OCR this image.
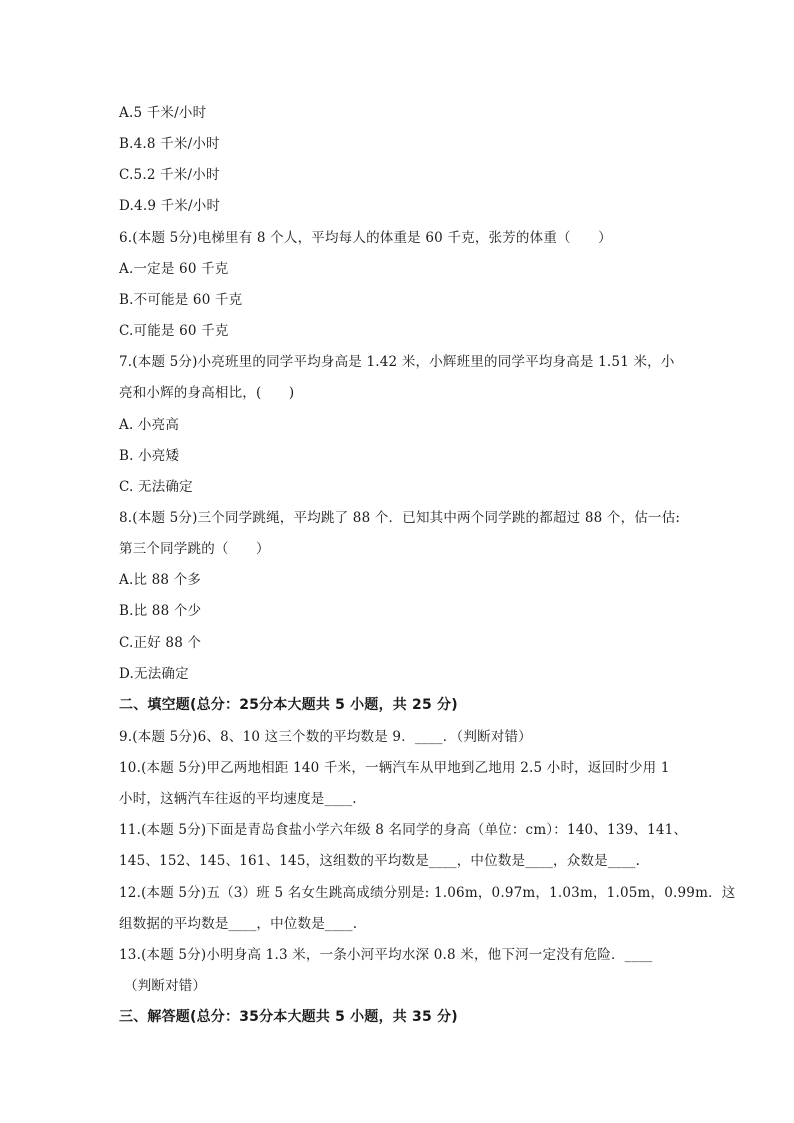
A.5 千米/小时
B.4.8 千米/小时
C.5.2 千米/小时
D.4.9 千米/小时
6.(本题 5分)电梯里有 8 个人，平均每人的体重是 60 千克，张芳的体重（　　）
A.一定是 60 千克
B.不可能是 60 千克
C.可能是 60 千克
7.(本题 5分)小亮班里的同学平均身高是 1.42 米，小辉班里的同学平均身高是 1.51 米，小
亮和小辉的身高相比，(　　)
A. 小亮高
B. 小亮矮
C. 无法确定
8.(本题 5分)三个同学跳绳，平均跳了 88 个．已知其中两个同学跳的都超过 88 个，估一估:
第三个同学跳的（　　）
A.比 88 个多
B.比 88 个少
C.正好 88 个
D.无法确定
二、填空题(总分：25分本大题共 5 小题，共 25 分)
9.(本题 5分)6、8、10 这三个数的平均数是 9．____．（判断对错）
10.(本题 5分)甲乙两地相距 140 千米，一辆汽车从甲地到乙地用 2.5 小时，返回时少用 1
小时，这辆汽车往返的平均速度是____.
11.(本题 5分)下面是青岛食盐小学六年级 8 名同学的身高（单位：cm）：140、139、141、
145、152、145、161、145，这组数的平均数是____，中位数是____，众数是____.
12.(本题 5分)五（3）班 5 名女生跳高成绩分别是: 1.06m，0.97m，1.03m，1.05m，0.99m．这
组数据的平均数是____，中位数是____.
13.(本题 5分)小明身高 1.3 米，一条小河平均水深 0.8 米，他下河一定没有危险．____
（判断对错）
三、解答题(总分：35分本大题共 5 小题，共 35 分)
